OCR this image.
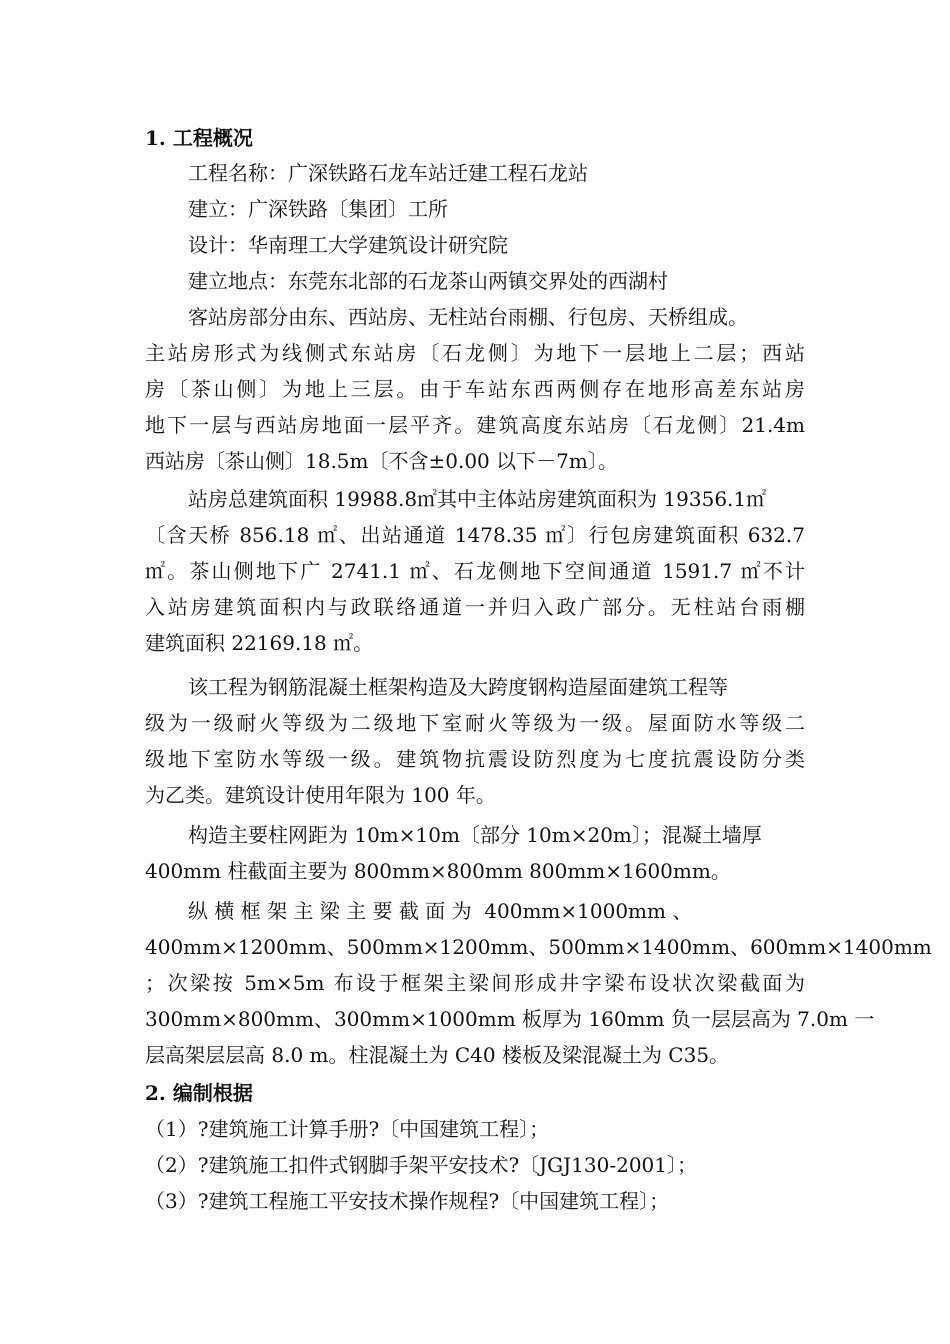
1. 工程概况
工程名称：广深铁路石龙车站迁建工程石龙站
建立：广深铁路〔集团〕工所
设计：华南理工大学建筑设计研究院
建立地点：东莞东北部的石龙茶山两镇交界处的西湖村
客站房部分由东、西站房、无柱站台雨棚、行包房、天桥组成。
主站房形式为线侧式东站房〔石龙侧〕为地下一层地上二层；西站
房〔茶山侧〕为地上三层。由于车站东西两侧存在地形高差东站房
地下一层与西站房地面一层平齐。建筑高度东站房〔石龙侧〕21.4m
西站房〔茶山侧〕18.5m〔不含±0.00 以下－7m〕。
站房总建筑面积 19988.8㎡其中主体站房建筑面积为 19356.1㎡
〔含天桥 856.18 ㎡、出站通道 1478.35 ㎡〕行包房建筑面积 632.7
㎡。茶山侧地下广 2741.1 ㎡、石龙侧地下空间通道 1591.7 ㎡不计
入站房建筑面积内与政联络通道一并归入政广部分。无柱站台雨棚
建筑面积 22169.18 ㎡。
该工程为钢筋混凝土框架构造及大跨度钢构造屋面建筑工程等
级为一级耐火等级为二级地下室耐火等级为一级。屋面防水等级二
级地下室防水等级一级。建筑物抗震设防烈度为七度抗震设防分类
为乙类。建筑设计使用年限为 100 年。
构造主要柱网距为 10m×10m〔部分 10m×20m〕；混凝土墙厚
400mm 柱截面主要为 800mm×800mm 800mm×1600mm。
纵 横 框 架 主 梁 主 要 截 面 为  400mm×1000mm 、
400mm×1200mm、500mm×1200mm、500mm×1400mm、600mm×1400mm
；次梁按 5m×5m 布设于框架主梁间形成井字梁布设状次梁截面为
300mm×800mm、300mm×1000mm 板厚为 160mm 负一层层高为 7.0m 一
层高架层层高 8.0 m。柱混凝土为 C40 楼板及梁混凝土为 C35。
2. 编制根据
（1）?建筑施工计算手册?〔中国建筑工程〕；
（2）?建筑施工扣件式钢脚手架平安技术?〔JGJ130-2001〕；
（3）?建筑工程施工平安技术操作规程?〔中国建筑工程〕；
